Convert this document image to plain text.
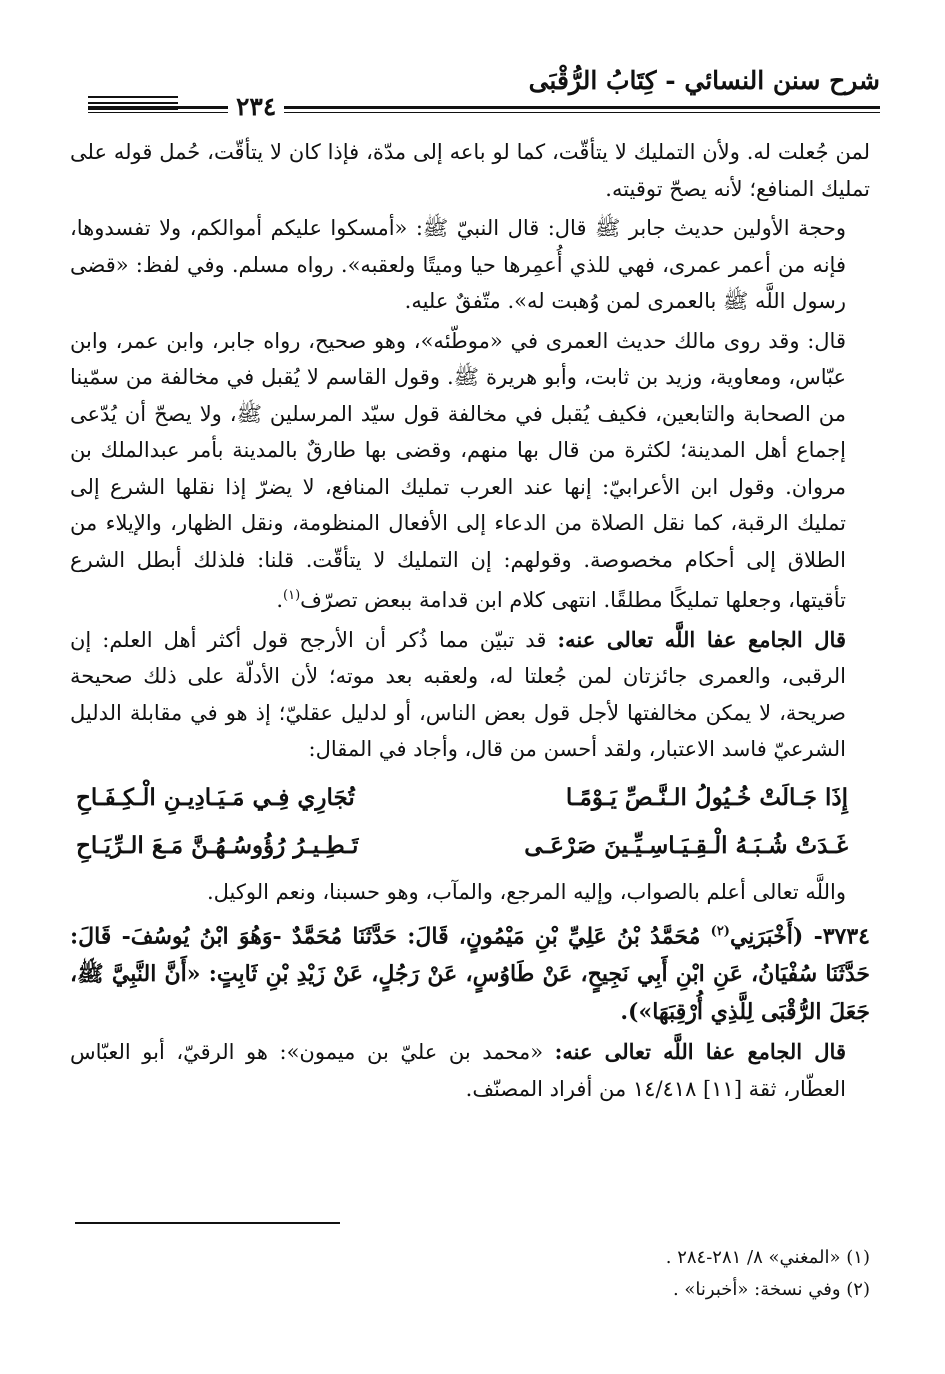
شرح سنن النسائي - كِتَابُ الرُّقْبَى
٢٣٤

لمن جُعلت له. ولأن التمليك لا يتأقّت، كما لو باعه إلى مدّة، فإذا كان لا يتأقّت، حُمل قوله على تمليك المنافع؛ لأنه يصحّ توقيته.

وحجة الأولين حديث جابر ﷺ قال: قال النبيّ ﷺ: «أمسكوا عليكم أموالكم، ولا تفسدوها، فإنه من أعمر عمرى، فهي للذي أُعمِرها حيا وميتًا ولعقبه». رواه مسلم. وفي لفظ: «قضى رسول اللَّه ﷺ بالعمرى لمن وُهبت له». متّفقٌ عليه.

قال: وقد روى مالك حديث العمرى في «موطّئه»، وهو صحيح، رواه جابر، وابن عمر، وابن عبّاس، ومعاوية، وزيد بن ثابت، وأبو هريرة ﷺ. وقول القاسم لا يُقبل في مخالفة من سمّينا من الصحابة والتابعين، فكيف يُقبل في مخالفة قول سيّد المرسلين ﷺ، ولا يصحّ أن يُدّعى إجماع أهل المدينة؛ لكثرة من قال بها منهم، وقضى بها طارقٌ بالمدينة بأمر عبدالملك بن مروان. وقول ابن الأعرابيّ: إنها عند العرب تمليك المنافع، لا يضرّ إذا نقلها الشرع إلى تمليك الرقبة، كما نقل الصلاة من الدعاء إلى الأفعال المنظومة، ونقل الظهار، والإيلاء من الطلاق إلى أحكام مخصوصة. وقولهم: إن التمليك لا يتأقّت. قلنا: فلذلك أبطل الشرع تأقيتها، وجعلها تمليكًا مطلقًا. انتهى كلام ابن قدامة ببعض تصرّف$^{(١)}$.

قال الجامع عفا اللَّه تعالى عنه: قد تبيّن مما ذُكر أن الأرجح قول أكثر أهل العلم: إن الرقبى، والعمرى جائزتان لمن جُعلتا له، ولعقبه بعد موته؛ لأن الأدلّة على ذلك صحيحة صريحة، لا يمكن مخالفتها لأجل قول بعض الناس، أو لدليل عقليّ؛ إذ هو في مقابلة الدليل الشرعيّ فاسد الاعتبار، ولقد أحسن من قال، وأجاد في المقال:

إِذَا جَـالَتْ خُـيُولُ الـنَّـصِّ يَـوْمًـا
تُجَارِي فِـي مَـيَـادِيـنِ الْـكِـفَـاحِ
غَـدَتْ شُـبَـهُ الْـقِـيَـاسِـيِّـينَ صَرْعَـى
تَـطِـيـرُ رُؤُوسُـهُـنَّ مَـعَ الـرِّيَـاحِ

واللَّه تعالى أعلم بالصواب، وإليه المرجع، والمآب، وهو حسبنا، ونعم الوكيل.

٣٧٣٤- (أَخْبَرَنِي$^{(٢)}$ مُحَمَّدُ بْنُ عَلِيِّ بْنِ مَيْمُونٍ، قَالَ: حَدَّثَنَا مُحَمَّدٌ -وَهُوَ ابْنُ يُوسُفَ- قَالَ: حَدَّثَنَا سُفْيَانُ، عَنِ ابْنِ أَبِي نَجِيحٍ، عَنْ طَاوُسٍ، عَنْ رَجُلٍ، عَنْ زَيْدِ بْنِ ثَابِتٍ: «أَنَّ النَّبِيَّ ﷺ، جَعَلَ الرُّقْبَى لِلَّذِي أُرْقِبَهَا»).

قال الجامع عفا اللَّه تعالى عنه: «محمد بن عليّ بن ميمون»: هو الرقيّ، أبو العبّاس العطّار، ثقة [١١] ١٤/٤١٨ من أفراد المصنّف.

(١) «المغني» ٨/ ٢٨١-٢٨٤ .

(٢) وفي نسخة: «أخبرنا» .
